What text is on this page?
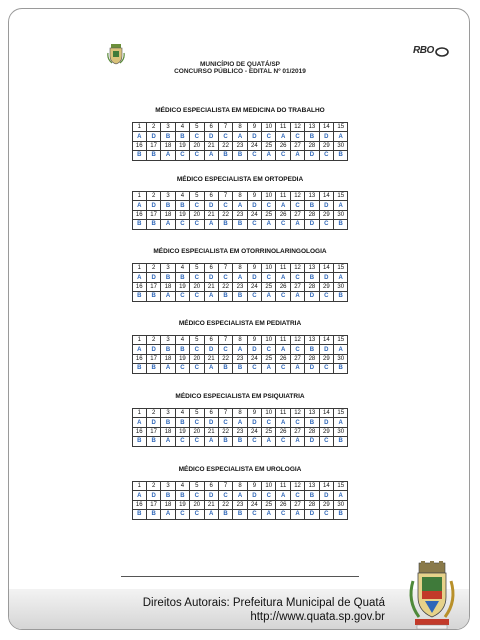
MUNICÍPIO DE QUATÁ/SP
CONCURSO PÚBLICO - EDITAL Nº 01/2019
RBO
MÉDICO ESPECIALISTA EM MEDICINA DO TRABALHO
1	2	3	4	5	6	7	8	9	10	11	12	13	14	15
A	D	B	B	C	D	C	A	D	C	A	C	B	D	A
16	17	18	19	20	21	22	23	24	25	26	27	28	29	30
B	B	A	C	C	A	B	B	C	A	C	A	D	C	B
MÉDICO ESPECIALISTA EM ORTOPEDIA
1	2	3	4	5	6	7	8	9	10	11	12	13	14	15
A	D	B	B	C	D	C	A	D	C	A	C	B	D	A
16	17	18	19	20	21	22	23	24	25	26	27	28	29	30
B	B	A	C	C	A	B	B	C	A	C	A	D	C	B
MÉDICO ESPECIALISTA EM OTORRINOLARINGOLOGIA
1	2	3	4	5	6	7	8	9	10	11	12	13	14	15
A	D	B	B	C	D	C	A	D	C	A	C	B	D	A
16	17	18	19	20	21	22	23	24	25	26	27	28	29	30
B	B	A	C	C	A	B	B	C	A	C	A	D	C	B
MÉDICO ESPECIALISTA EM PEDIATRIA
1	2	3	4	5	6	7	8	9	10	11	12	13	14	15
A	D	B	B	C	D	C	A	D	C	A	C	B	D	A
16	17	18	19	20	21	22	23	24	25	26	27	28	29	30
B	B	A	C	C	A	B	B	C	A	C	A	D	C	B
MÉDICO ESPECIALISTA EM PSIQUIATRIA
1	2	3	4	5	6	7	8	9	10	11	12	13	14	15
A	D	B	B	C	D	C	A	D	C	A	C	B	D	A
16	17	18	19	20	21	22	23	24	25	26	27	28	29	30
B	B	A	C	C	A	B	B	C	A	C	A	D	C	B
MÉDICO ESPECIALISTA EM UROLOGIA
1	2	3	4	5	6	7	8	9	10	11	12	13	14	15
A	D	B	B	C	D	C	A	D	C	A	C	B	D	A
16	17	18	19	20	21	22	23	24	25	26	27	28	29	30
B	B	A	C	C	A	B	B	C	A	C	A	D	C	B
Direitos Autorais: Prefeitura Municipal de Quatá
http://www.quata.sp.gov.br
